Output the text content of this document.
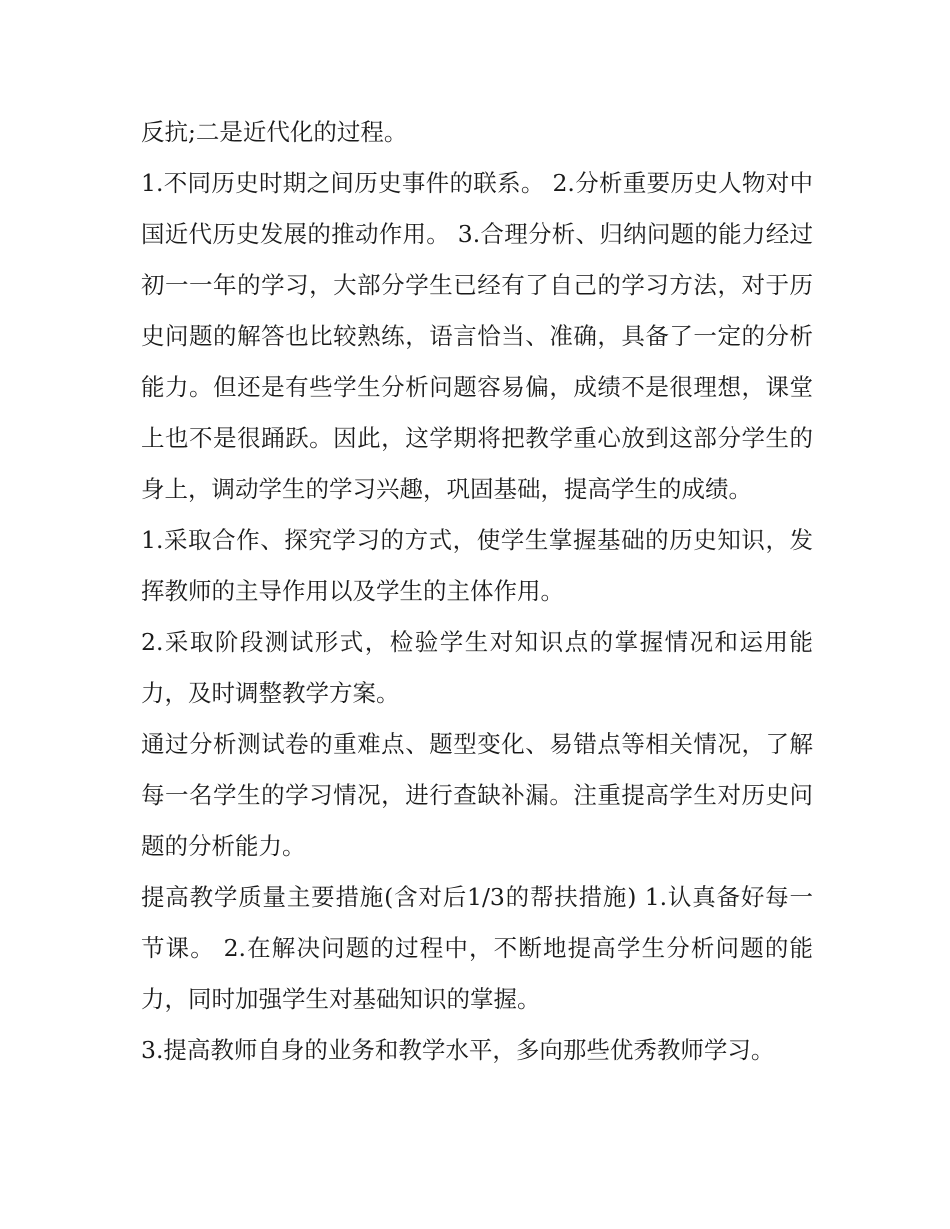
反抗;二是近代化的过程。

1.不同历史时期之间历史事件的联系。 2.分析重要历史人物对中国近代历史发展的推动作用。 3.合理分析、归纳问题的能力经过初一一年的学习，大部分学生已经有了自己的学习方法，对于历史问题的解答也比较熟练，语言恰当、准确，具备了一定的分析能力。但还是有些学生分析问题容易偏，成绩不是很理想，课堂上也不是很踊跃。因此，这学期将把教学重心放到这部分学生的身上，调动学生的学习兴趣，巩固基础，提高学生的成绩。

1.采取合作、探究学习的方式，使学生掌握基础的历史知识，发挥教师的主导作用以及学生的主体作用。

2.采取阶段测试形式，检验学生对知识点的掌握情况和运用能力，及时调整教学方案。

通过分析测试卷的重难点、题型变化、易错点等相关情况，了解每一名学生的学习情况，进行查缺补漏。注重提高学生对历史问题的分析能力。

提高教学质量主要措施(含对后1/3的帮扶措施) 1.认真备好每一节课。 2.在解决问题的过程中，不断地提高学生分析问题的能力，同时加强学生对基础知识的掌握。

3.提高教师自身的业务和教学水平，多向那些优秀教师学习。
